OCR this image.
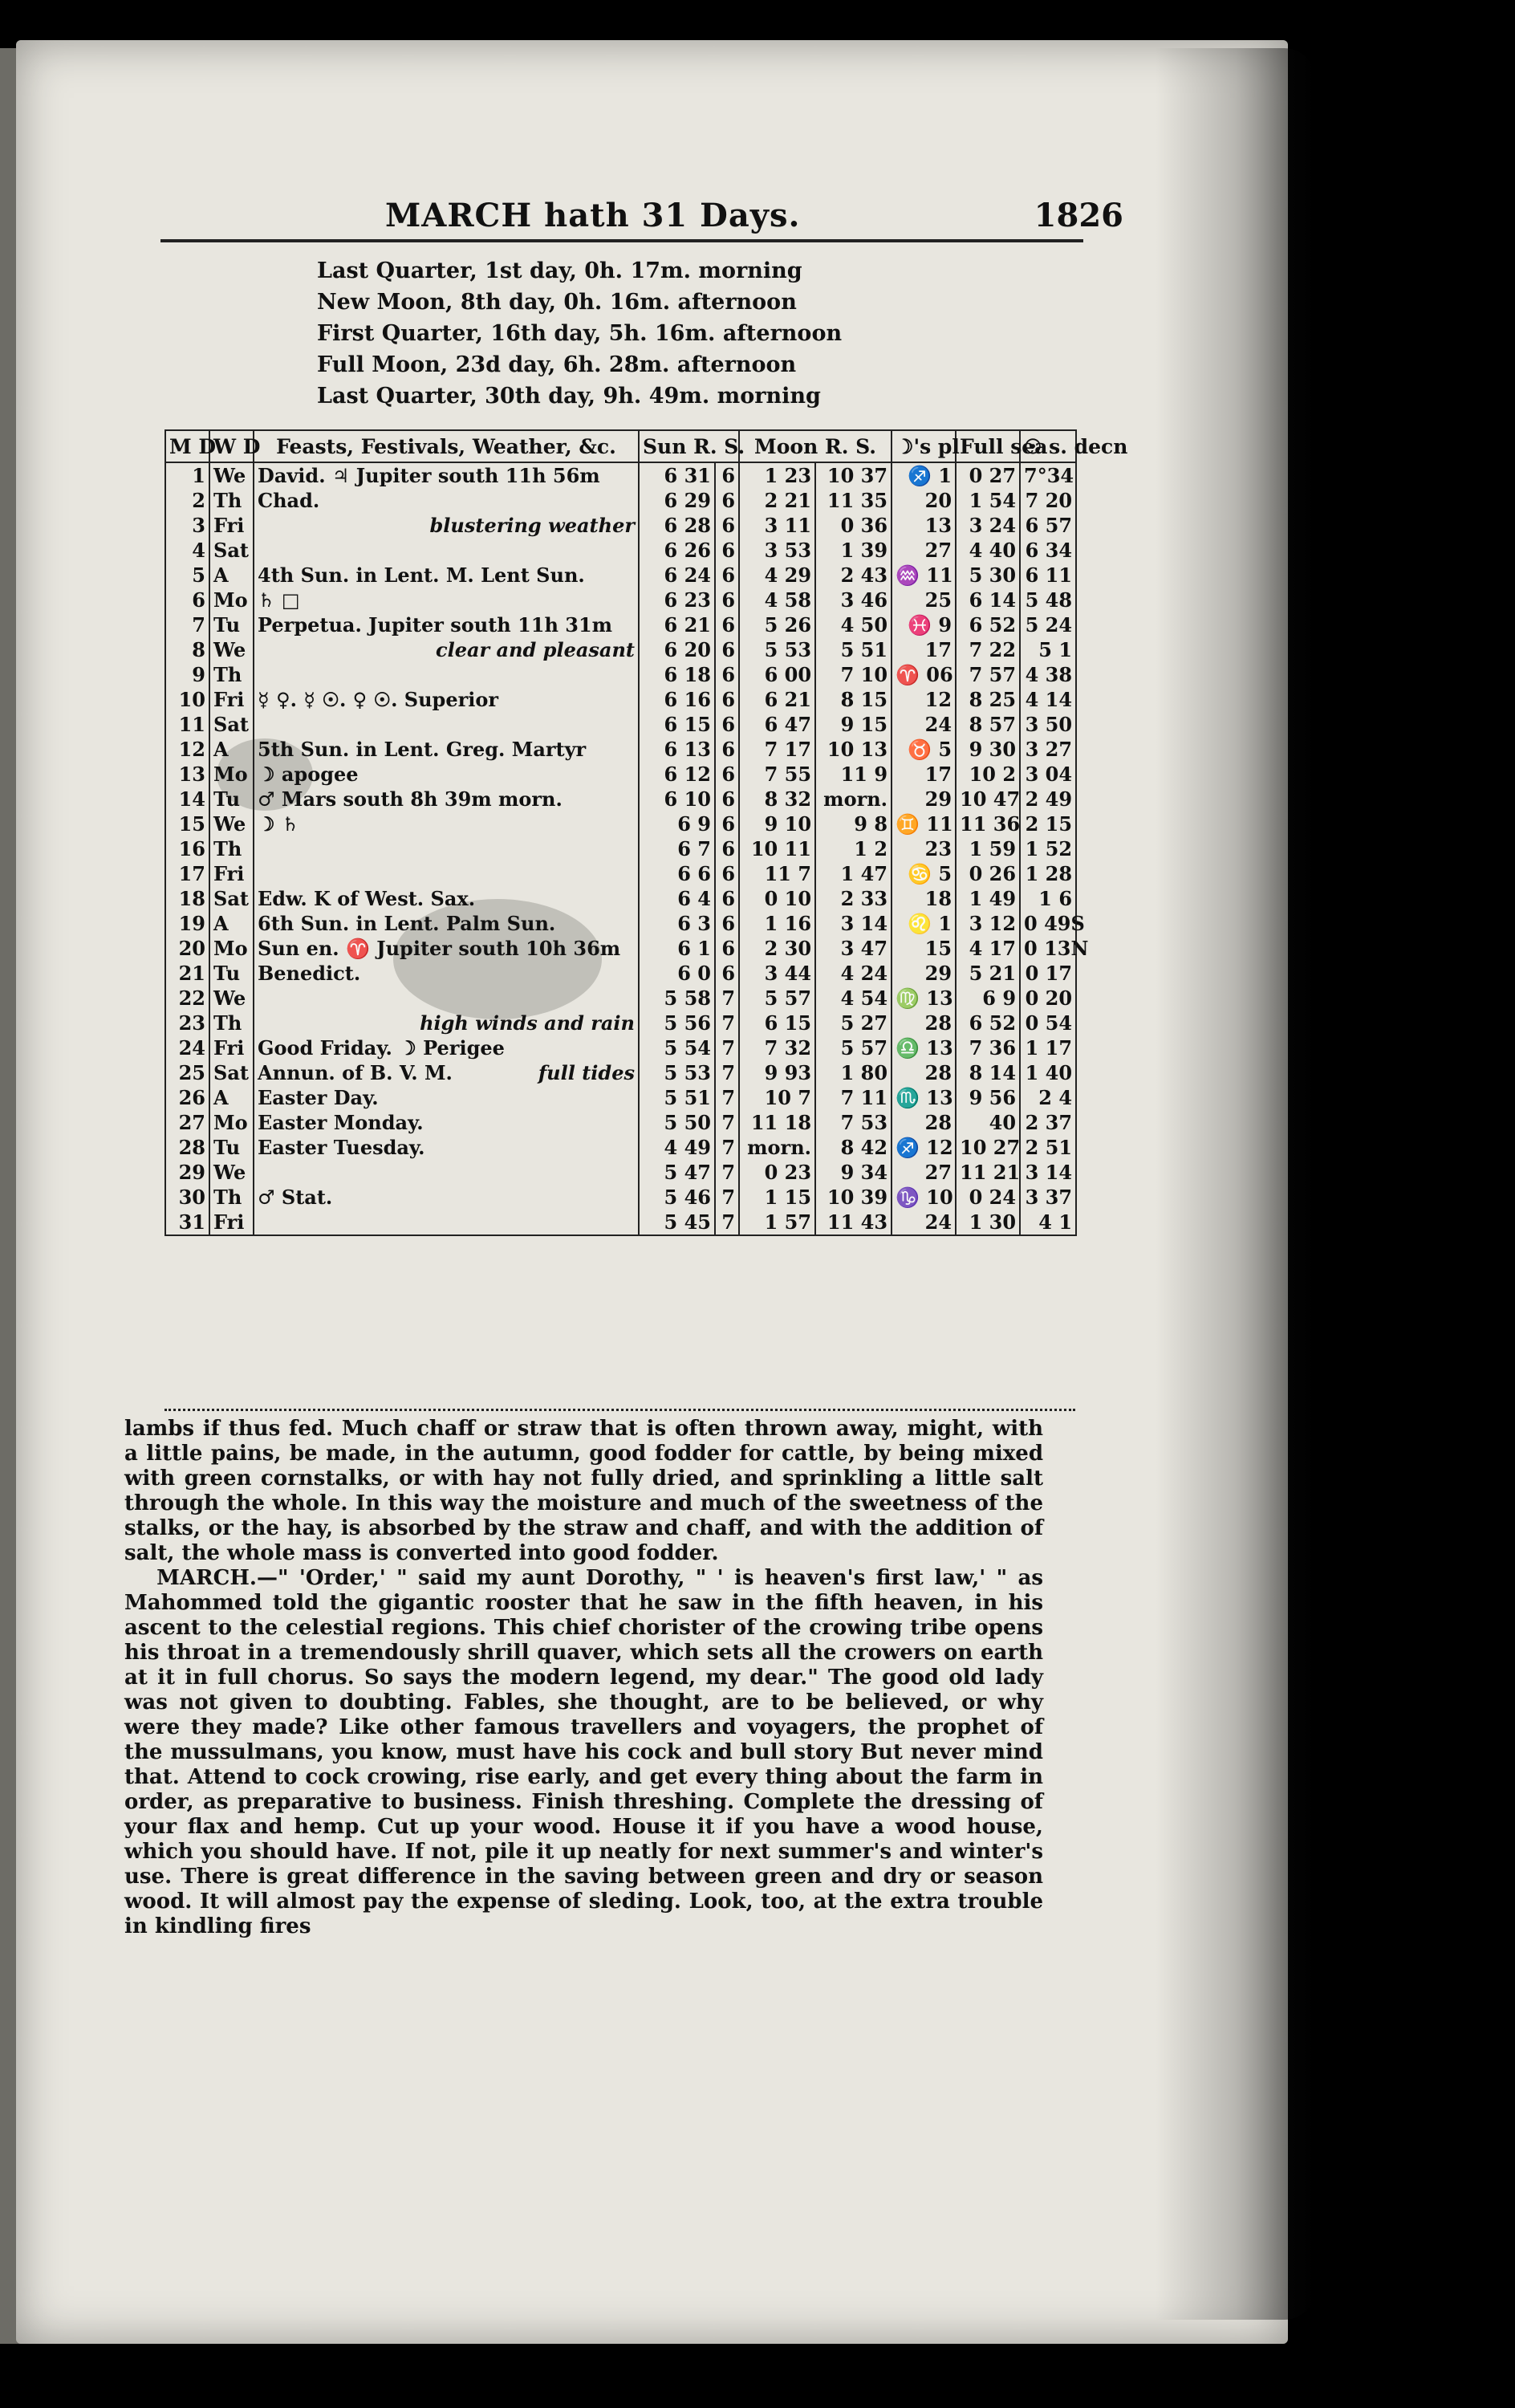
MARCH hath 31 Days.	1826
Last Quarter, 1st day, 0h. 17m. morning
New Moon, 8th day, 0h. 16m. afternoon
First Quarter, 16th day, 5h. 16m. afternoon
Full Moon, 23d day, 6h. 28m. afternoon
Last Quarter, 30th day, 9h. 49m. morning
M D	W D	Feasts, Festivals, Weather, &c.	Sun R. S.		Moon R. S.		☽'s pl	Full sea	☉ s. decn
1	We	David. ♃ Jupiter south 11h 56m	6 31	6	1 23	10 37	♐ 1	0 27	7°34
2	Th	Chad.	6 29	6	2 21	11 35	20	1 54	7 20
3	Fri	blustering weather	6 28	6	3 11	0 36	13	3 24	6 57
4	Sat		6 26	6	3 53	1 39	27	4 40	6 34
5	A	4th Sun. in Lent. M. Lent Sun.	6 24	6	4 29	2 43	♒ 11	5 30	6 11
6	Mo	♄ □	6 23	6	4 58	3 46	25	6 14	5 48
7	Tu	Perpetua. Jupiter south 11h 31m	6 21	6	5 26	4 50	♓ 9	6 52	5 24
8	We	clear and pleasant	6 20	6	5 53	5 51	17	7 22	5 1
9	Th		6 18	6	6 00	7 10	♈ 06	7 57	4 38
10	Fri	☿ ♀. ☿ ☉. ♀ ☉. Superior	6 16	6	6 21	8 15	12	8 25	4 14
11	Sat		6 15	6	6 47	9 15	24	8 57	3 50
12	A	5th Sun. in Lent. Greg. Martyr	6 13	6	7 17	10 13	♉ 5	9 30	3 27
13	Mo	☽ apogee	6 12	6	7 55	11 9	17	10 2	3 04
14	Tu	♂ Mars south 8h 39m morn.	6 10	6	8 32	morn.	29	10 47	2 49
15	We	☽ ♄	6 9	6	9 10	9 8	♊ 11	11 36	2 15
16	Th		6 7	6	10 11	1 2	23	1 59	1 52
17	Fri		6 6	6	11 7	1 47	♋ 5	0 26	1 28
18	Sat	Edw. K of West. Sax.	6 4	6	0 10	2 33	18	1 49	1 6
19	A	6th Sun. in Lent. Palm Sun.	6 3	6	1 16	3 14	♌ 1	3 12	0 49S
20	Mo	Sun en. ♈ Jupiter south 10h 36m	6 1	6	2 30	3 47	15	4 17	0 13N
21	Tu	Benedict.	6 0	6	3 44	4 24	29	5 21	0 17
22	We		5 58	7	5 57	4 54	♍ 13	6 9	0 20
23	Th	high winds and rain	5 56	7	6 15	5 27	28	6 52	0 54
24	Fri	Good Friday. ☽ Perigee	5 54	7	7 32	5 57	♎ 13	7 36	1 17
25	Sat	Annun. of B. V. M. full tides	5 53	7	9 93	1 80	28	8 14	1 40
26	A	Easter Day.	5 51	7	10 7	7 11	♏ 13	9 56	2 4
27	Mo	Easter Monday.	5 50	7	11 18	7 53	28	40	2 37
28	Tu	Easter Tuesday.	4 49	7	morn.	8 42	♐ 12	10 27	2 51
29	We		5 47	7	0 23	9 34	27	11 21	3 14
30	Th	♂ Stat.	5 46	7	1 15	10 39	♑ 10	0 24	3 37
31	Fri		5 45	7	1 57	11 43	24	1 30	4 1

lambs if thus fed. Much chaff or straw that is often thrown away, might, with a little pains, be made, in the autumn, good fodder for cattle, by being mixed with green cornstalks, or with hay not fully dried, and sprinkling a little salt through the whole. In this way the moisture and much of the sweetness of the stalks, or the hay, is absorbed by the straw and chaff, and with the addition of salt, the whole mass is converted into good fodder.

MARCH.—" 'Order,' " said my aunt Dorothy, " ' is heaven's first law,' " as Mahommed told the gigantic rooster that he saw in the fifth heaven, in his ascent to the celestial regions. This chief chorister of the crowing tribe opens his throat in a tremendously shrill quaver, which sets all the crowers on earth at it in full chorus. So says the modern legend, my dear." The good old lady was not given to doubting. Fables, she thought, are to be believed, or why were they made? Like other famous travellers and voyagers, the prophet of the mussulmans, you know, must have his cock and bull story But never mind that. Attend to cock crowing, rise early, and get every thing about the farm in order, as preparative to business. Finish threshing. Complete the dressing of your flax and hemp. Cut up your wood. House it if you have a wood house, which you should have. If not, pile it up neatly for next summer's and winter's use. There is great difference in the saving between green and dry or season wood. It will almost pay the expense of sleding. Look, too, at the extra trouble in kindling fires
